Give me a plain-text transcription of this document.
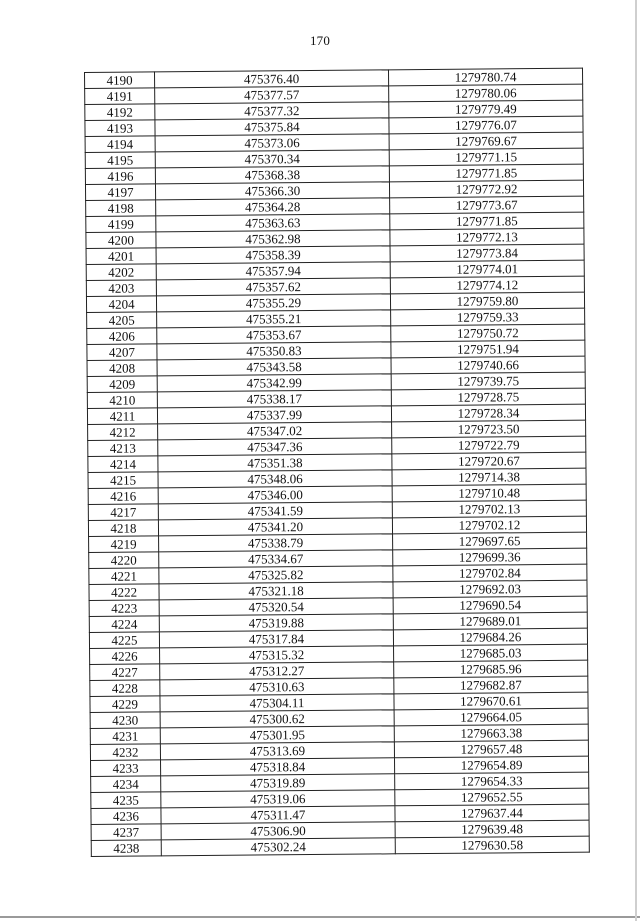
170
4190	475376.40	1279780.74
4191	475377.57	1279780.06
4192	475377.32	1279779.49
4193	475375.84	1279776.07
4194	475373.06	1279769.67
4195	475370.34	1279771.15
4196	475368.38	1279771.85
4197	475366.30	1279772.92
4198	475364.28	1279773.67
4199	475363.63	1279771.85
4200	475362.98	1279772.13
4201	475358.39	1279773.84
4202	475357.94	1279774.01
4203	475357.62	1279774.12
4204	475355.29	1279759.80
4205	475355.21	1279759.33
4206	475353.67	1279750.72
4207	475350.83	1279751.94
4208	475343.58	1279740.66
4209	475342.99	1279739.75
4210	475338.17	1279728.75
4211	475337.99	1279728.34
4212	475347.02	1279723.50
4213	475347.36	1279722.79
4214	475351.38	1279720.67
4215	475348.06	1279714.38
4216	475346.00	1279710.48
4217	475341.59	1279702.13
4218	475341.20	1279702.12
4219	475338.79	1279697.65
4220	475334.67	1279699.36
4221	475325.82	1279702.84
4222	475321.18	1279692.03
4223	475320.54	1279690.54
4224	475319.88	1279689.01
4225	475317.84	1279684.26
4226	475315.32	1279685.03
4227	475312.27	1279685.96
4228	475310.63	1279682.87
4229	475304.11	1279670.61
4230	475300.62	1279664.05
4231	475301.95	1279663.38
4232	475313.69	1279657.48
4233	475318.84	1279654.89
4234	475319.89	1279654.33
4235	475319.06	1279652.55
4236	475311.47	1279637.44
4237	475306.90	1279639.48
4238	475302.24	1279630.58
